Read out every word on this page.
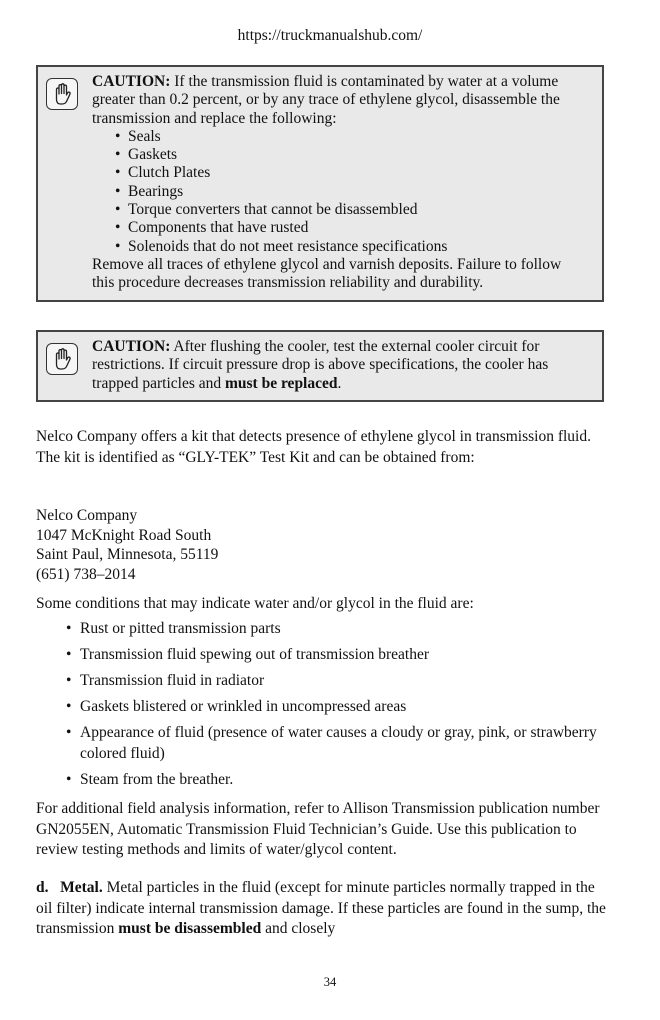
https://truckmanualshub.com/
CAUTION: If the transmission fluid is contaminated by water at a volume greater than 0.2 percent, or by any trace of ethylene glycol, disassemble the transmission and replace the following:
• Seals
• Gaskets
• Clutch Plates
• Bearings
• Torque converters that cannot be disassembled
• Components that have rusted
• Solenoids that do not meet resistance specifications
Remove all traces of ethylene glycol and varnish deposits. Failure to follow this procedure decreases transmission reliability and durability.
CAUTION: After flushing the cooler, test the external cooler circuit for restrictions. If circuit pressure drop is above specifications, the cooler has trapped particles and must be replaced.
Nelco Company offers a kit that detects presence of ethylene glycol in transmission fluid. The kit is identified as “GLY-TEK” Test Kit and can be obtained from:
Nelco Company
1047 McKnight Road South
Saint Paul, Minnesota, 55119
(651) 738–2014
Some conditions that may indicate water and/or glycol in the fluid are:
• Rust or pitted transmission parts
• Transmission fluid spewing out of transmission breather
• Transmission fluid in radiator
• Gaskets blistered or wrinkled in uncompressed areas
• Appearance of fluid (presence of water causes a cloudy or gray, pink, or strawberry colored fluid)
• Steam from the breather.
For additional field analysis information, refer to Allison Transmission publication number GN2055EN, Automatic Transmission Fluid Technician’s Guide. Use this publication to review testing methods and limits of water/glycol content.
d. Metal. Metal particles in the fluid (except for minute particles normally trapped in the oil filter) indicate internal transmission damage. If these particles are found in the sump, the transmission must be disassembled and closely
34
